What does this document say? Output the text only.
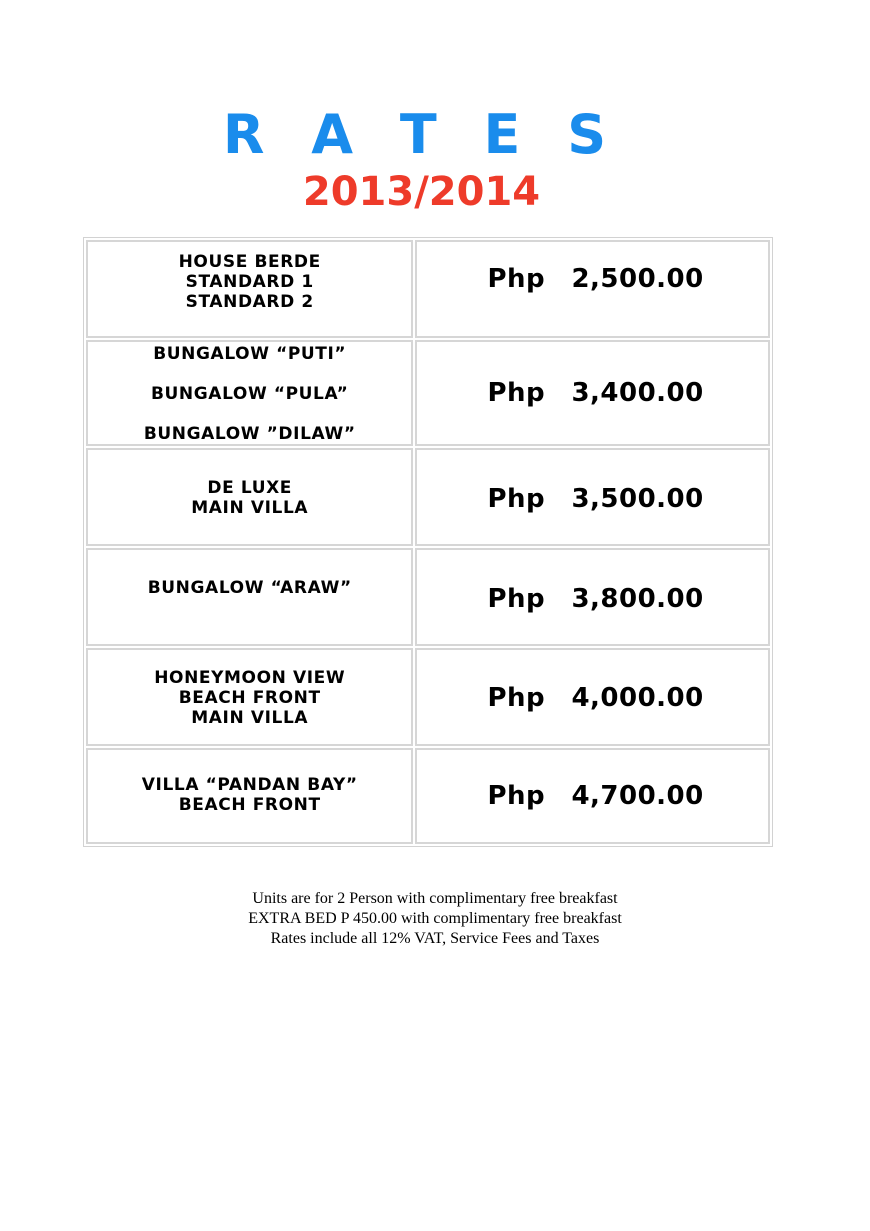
R A T E S
2013/2014
HOUSE BERDE
STANDARD 1
STANDARD 2	Php 2,500.00

BUNGALOW “PUTI”
BUNGALOW “PULA”
BUNGALOW ”DILAW”	Php 3,400.00

DE LUXE
MAIN VILLA	Php 3,500.00

BUNGALOW “ARAW”	Php 3,800.00

HONEYMOON VIEW
BEACH FRONT
MAIN VILLA	Php 4,000.00

VILLA “PANDAN BAY”
BEACH FRONT	Php 4,700.00
Units are for 2 Person with complimentary free breakfast
EXTRA BED P 450.00 with complimentary free breakfast
Rates include all 12% VAT, Service Fees and Taxes
